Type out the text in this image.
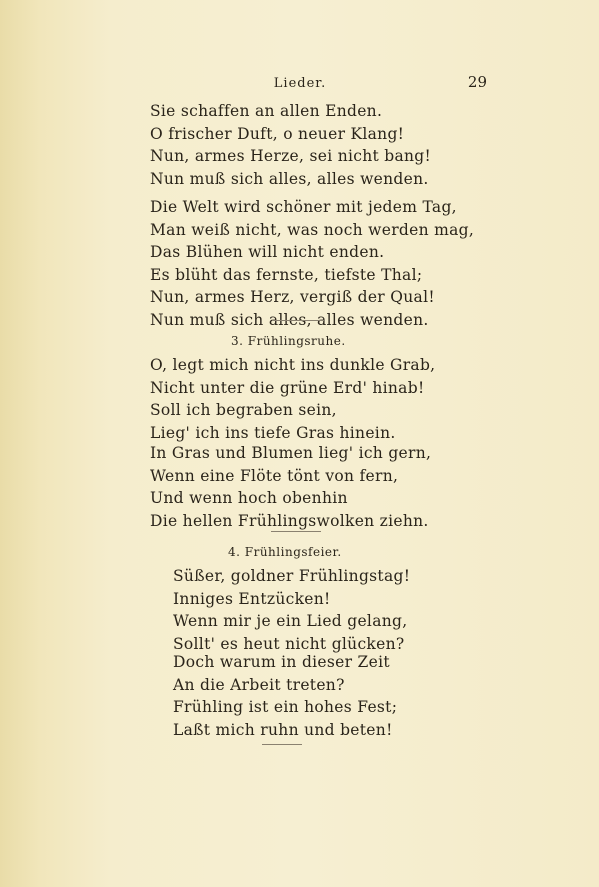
Lieder.	29
Sie schaffen an allen Enden.
O frischer Duft, o neuer Klang!
Nun, armes Herze, sei nicht bang!
Nun muß sich alles, alles wenden.
Die Welt wird schöner mit jedem Tag,
Man weiß nicht, was noch werden mag,
Das Blühen will nicht enden.
Es blüht das fernste, tiefste Thal;
Nun, armes Herz, vergiß der Qual!
Nun muß sich alles, alles wenden.
3. Frühlingsruhe.
O, legt mich nicht ins dunkle Grab,
Nicht unter die grüne Erd' hinab!
Soll ich begraben sein,
Lieg' ich ins tiefe Gras hinein.
In Gras und Blumen lieg' ich gern,
Wenn eine Flöte tönt von fern,
Und wenn hoch obenhin
Die hellen Frühlingswolken ziehn.
4. Frühlingsfeier.
Süßer, goldner Frühlingstag!
Inniges Entzücken!
Wenn mir je ein Lied gelang,
Sollt' es heut nicht glücken?
Doch warum in dieser Zeit
An die Arbeit treten?
Frühling ist ein hohes Fest;
Laßt mich ruhn und beten!
